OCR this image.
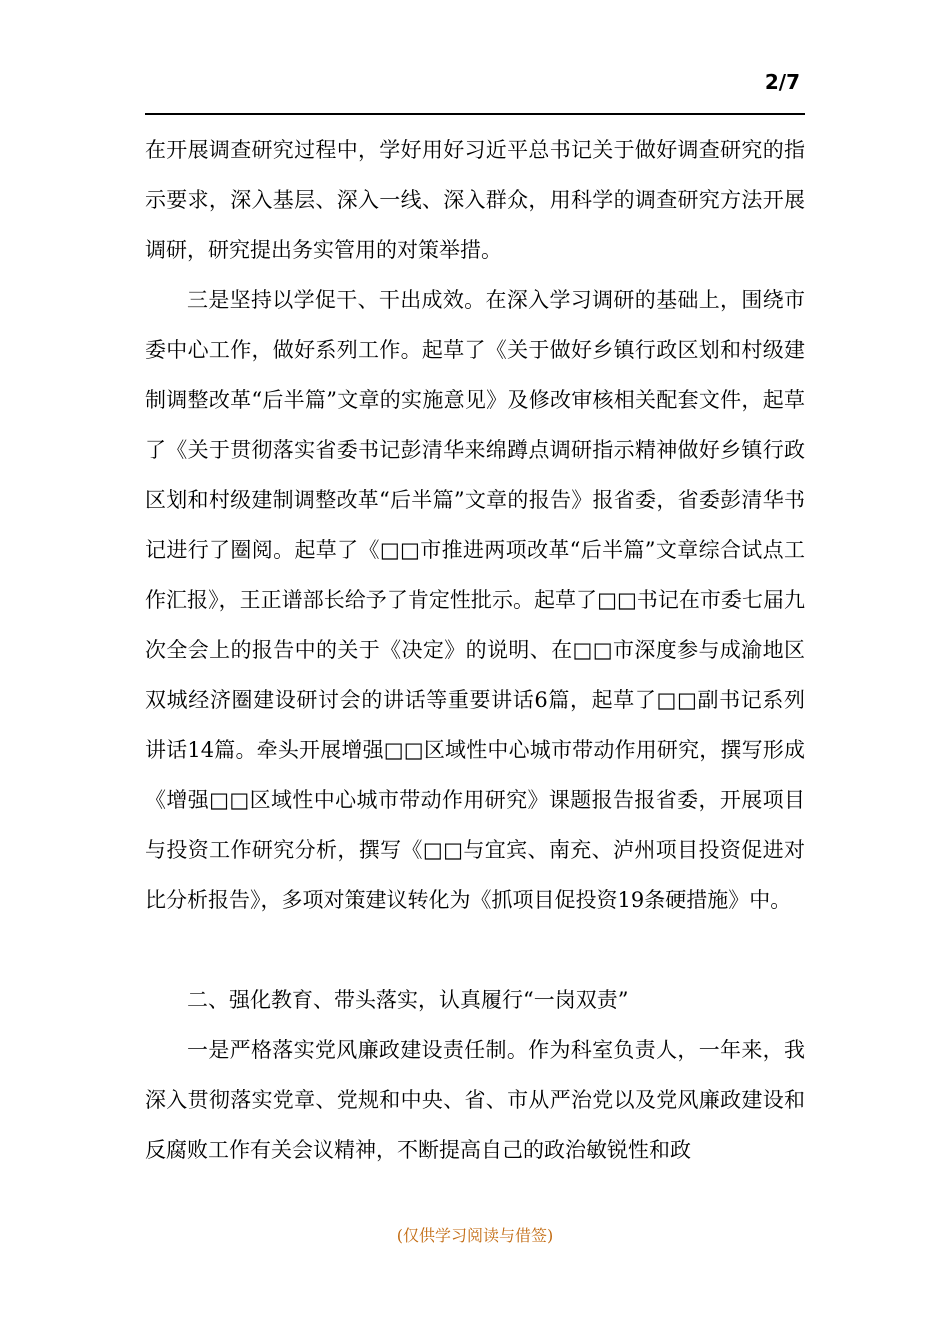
2/7

在开展调查研究过程中，学好用好习近平总书记关于做好调查研究的指示要求，深入基层、深入一线、深入群众，用科学的调查研究方法开展调研，研究提出务实管用的对策举措。

三是坚持以学促干、干出成效。在深入学习调研的基础上，围绕市委中心工作，做好系列工作。起草了《关于做好乡镇行政区划和村级建制调整改革“后半篇”文章的实施意见》及修改审核相关配套文件，起草了《关于贯彻落实省委书记彭清华来绵蹲点调研指示精神做好乡镇行政区划和村级建制调整改革“后半篇”文章的报告》报省委，省委彭清华书记进行了圈阅。起草了《□□市推进两项改革“后半篇”文章综合试点工作汇报》，王正谱部长给予了肯定性批示。起草了□□书记在市委七届九次全会上的报告中的关于《决定》的说明、在□□市深度参与成渝地区双城经济圈建设研讨会的讲话等重要讲话6篇，起草了□□副书记系列讲话14篇。牵头开展增强□□区域性中心城市带动作用研究，撰写形成《增强□□区域性中心城市带动作用研究》课题报告报省委，开展项目与投资工作研究分析，撰写《□□与宜宾、南充、泸州项目投资促进对比分析报告》，多项对策建议转化为《抓项目促投资19条硬措施》中。

二、强化教育、带头落实，认真履行“一岗双责”

一是严格落实党风廉政建设责任制。作为科室负责人，一年来，我深入贯彻落实党章、党规和中央、省、市从严治党以及党风廉政建设和反腐败工作有关会议精神，不断提高自己的政治敏锐性和政

(仅供学习阅读与借签)
